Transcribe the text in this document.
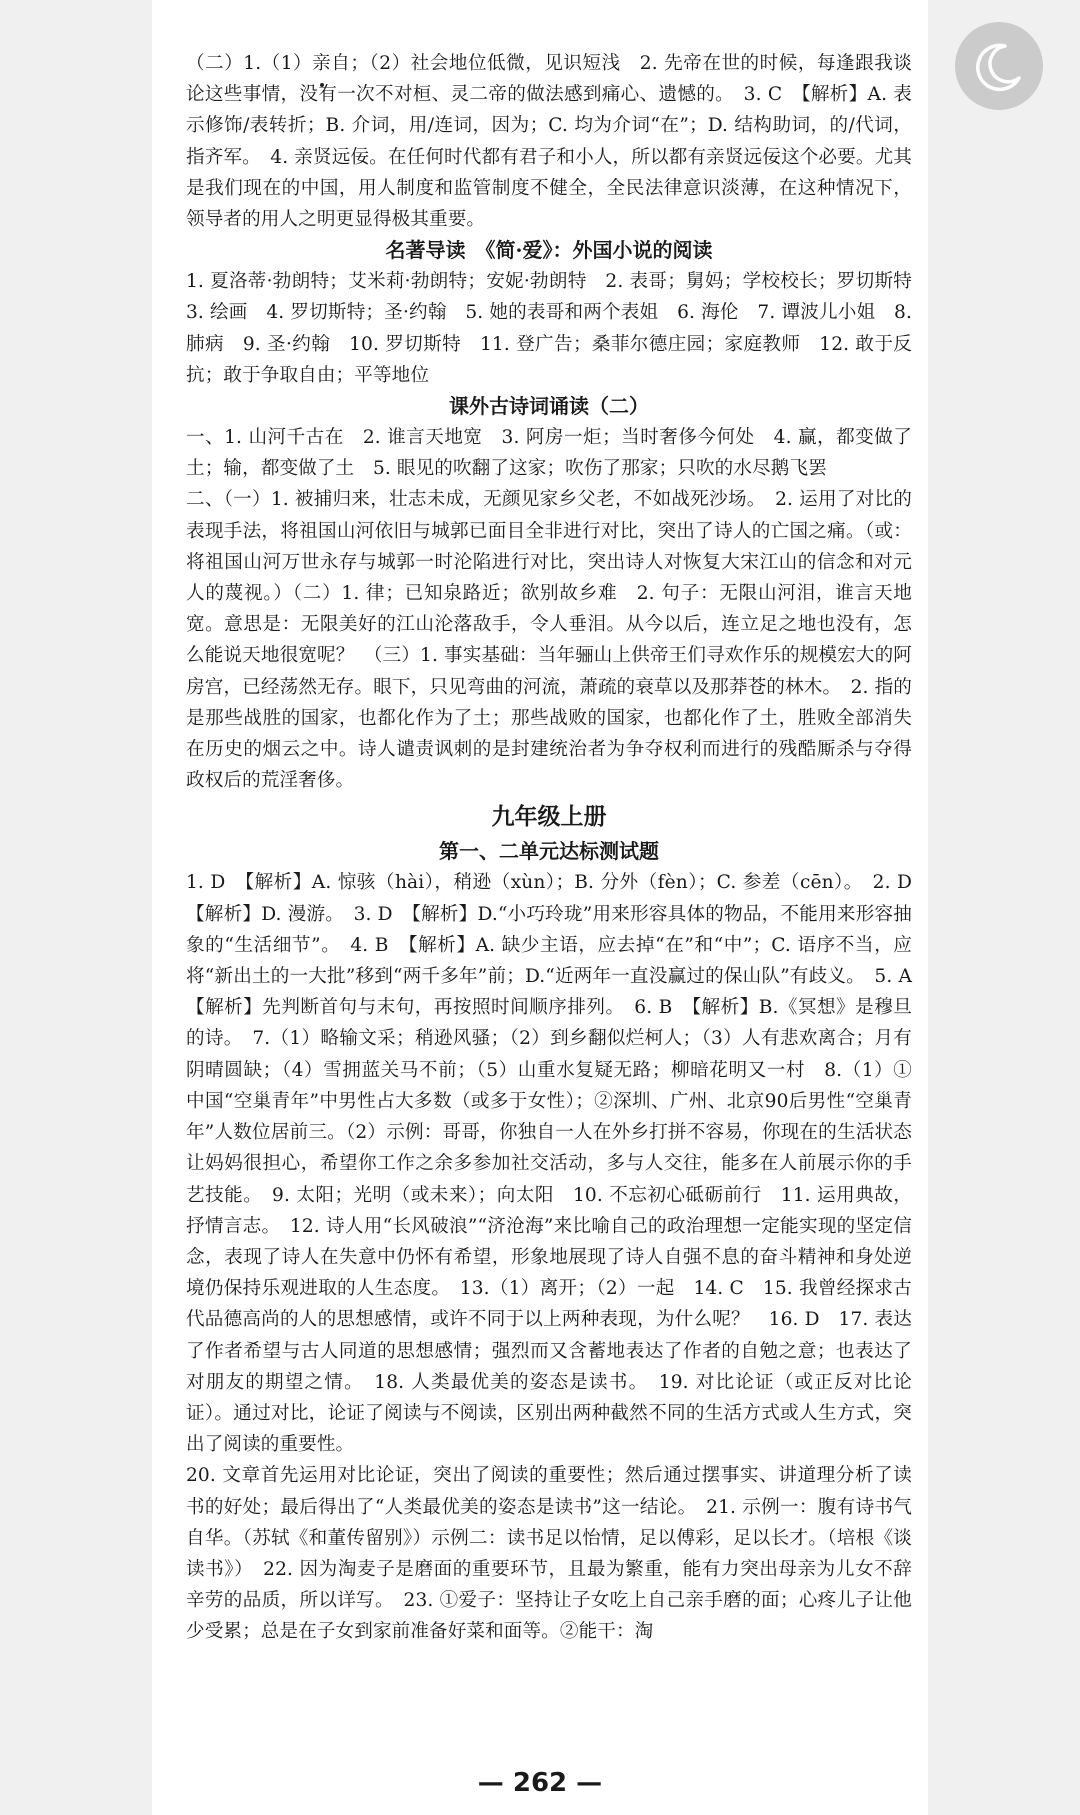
（二）1.（1）亲自；（2）社会地位低微，见识短浅　2. 先帝在世的时候，每逢跟我谈论这些事情，没有一次不对桓、灵二帝的做法感到痛心、遗憾的。　3. C　【解析】A. 表示修饰/表转折；B. 介词，用/连词，因为；C. 均为介词“在”；D. 结构助词，的/代词，指齐军。　4. 亲贤远佞。在任何时代都有君子和小人，所以都有亲贤远佞这个必要。尤其是我们现在的中国，用人制度和监管制度不健全，全民法律意识淡薄，在这种情况下，领导者的用人之明更显得极其重要。

名著导读　《简·爱》：外国小说的阅读

1. 夏洛蒂·勃朗特；艾米莉·勃朗特；安妮·勃朗特　2. 表哥；舅妈；学校校长；罗切斯特　3. 绘画　4. 罗切斯特；圣·约翰　5. 她的表哥和两个表姐　6. 海伦　7. 谭波儿小姐　8. 肺病　9. 圣·约翰　10. 罗切斯特　11. 登广告；桑菲尔德庄园；家庭教师　12. 敢于反抗；敢于争取自由；平等地位

课外古诗词诵读（二）

一、1. 山河千古在　2. 谁言天地宽　3. 阿房一炬；当时奢侈今何处　4. 赢，都变做了土；输，都变做了土　5. 眼见的吹翻了这家；吹伤了那家；只吹的水尽鹅飞罢

二、（一）1. 被捕归来，壮志未成，无颜见家乡父老，不如战死沙场。　2. 运用了对比的表现手法，将祖国山河依旧与城郭已面目全非进行对比，突出了诗人的亡国之痛。（或：将祖国山河万世永存与城郭一时沦陷进行对比，突出诗人对恢复大宋江山的信念和对元人的蔑视。）（二）1. 律；已知泉路近；欲别故乡难　2. 句子：无限山河泪，谁言天地宽。意思是：无限美好的江山沦落敌手，令人垂泪。从今以后，连立足之地也没有，怎么能说天地很宽呢？　（三）1. 事实基础：当年骊山上供帝王们寻欢作乐的规模宏大的阿房宫，已经荡然无存。眼下，只见弯曲的河流，萧疏的衰草以及那莽苍的林木。　2. 指的是那些战胜的国家，也都化作为了土；那些战败的国家，也都化作了土，胜败全部消失在历史的烟云之中。诗人谴责讽刺的是封建统治者为争夺权利而进行的残酷厮杀与夺得政权后的荒淫奢侈。

九年级上册

第一、二单元达标测试题

1. D　【解析】A. 惊骇（hài），稍逊（xùn）；B. 分外（fèn）；C. 参差（cēn）。　2. D　【解析】D. 漫游。　3. D　【解析】D.“小巧玲珑”用来形容具体的物品，不能用来形容抽象的“生活细节”。　4. B　【解析】A. 缺少主语，应去掉“在”和“中”；C. 语序不当，应将“新出土的一大批”移到“两千多年”前；D.“近两年一直没赢过的保山队”有歧义。　5. A　【解析】先判断首句与末句，再按照时间顺序排列。　6. B　【解析】B.《冥想》是穆旦的诗。　7.（1）略输文采；稍逊风骚；（2）到乡翻似烂柯人；（3）人有悲欢离合；月有阴晴圆缺；（4）雪拥蓝关马不前；（5）山重水复疑无路；柳暗花明又一村　8.（1）①中国“空巢青年”中男性占大多数（或多于女性）；②深圳、广州、北京90后男性“空巢青年”人数位居前三。（2）示例：哥哥，你独自一人在外乡打拼不容易，你现在的生活状态让妈妈很担心，希望你工作之余多参加社交活动，多与人交往，能多在人前展示你的手艺技能。　9. 太阳；光明（或未来）；向太阳　10. 不忘初心砥砺前行　11. 运用典故，抒情言志。　12. 诗人用“长风破浪”“济沧海”来比喻自己的政治理想一定能实现的坚定信念，表现了诗人在失意中仍怀有希望，形象地展现了诗人自强不息的奋斗精神和身处逆境仍保持乐观进取的人生态度。　13.（1）离开；（2）一起　14. C　15. 我曾经探求古代品德高尚的人的思想感情，或许不同于以上两种表现，为什么呢？　16. D　17. 表达了作者希望与古人同道的思想感情；强烈而又含蓄地表达了作者的自勉之意；也表达了对朋友的期望之情。　18. 人类最优美的姿态是读书。　19. 对比论证（或正反对比论证）。通过对比，论证了阅读与不阅读，区别出两种截然不同的生活方式或人生方式，突出了阅读的重要性。

20. 文章首先运用对比论证，突出了阅读的重要性；然后通过摆事实、讲道理分析了读书的好处；最后得出了“人类最优美的姿态是读书”这一结论。　21. 示例一：腹有诗书气自华。（苏轼《和董传留别》）示例二：读书足以怡情，足以傅彩，足以长才。（培根《谈读书》）　22. 因为淘麦子是磨面的重要环节，且最为繁重，能有力突出母亲为儿女不辞辛劳的品质，所以详写。　23. ①爱子：坚持让子女吃上自己亲手磨的面；心疼儿子让他少受累；总是在子女到家前准备好菜和面等。②能干：淘

— 262 —
